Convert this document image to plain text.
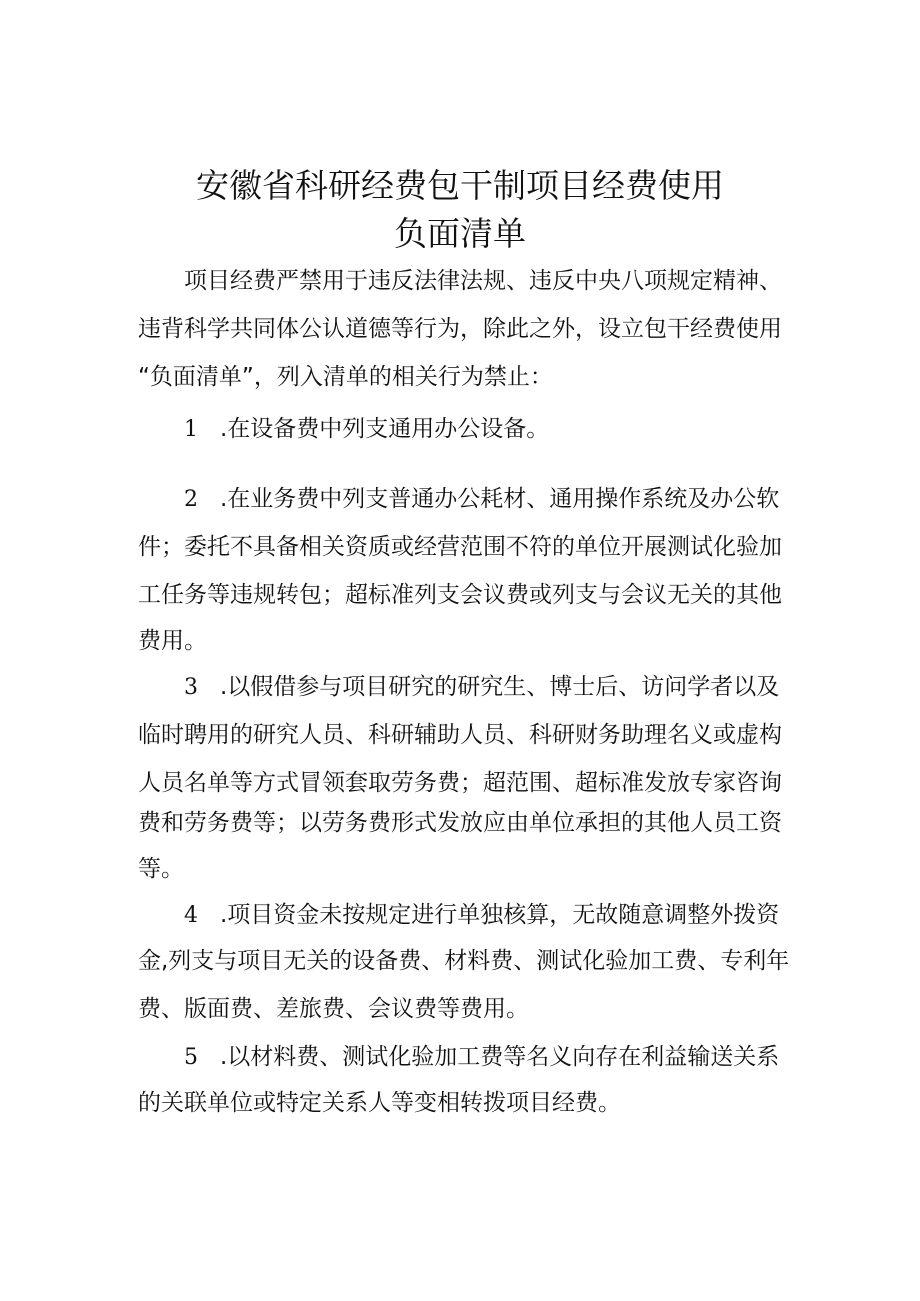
安徽省科研经费包干制项目经费使用
负面清单
项目经费严禁用于违反法律法规、违反中央八项规定精神、
违背科学共同体公认道德等行为，除此之外，设立包干经费使用
“负面清单”，列入清单的相关行为禁止：
1 .在设备费中列支通用办公设备。
2 .在业务费中列支普通办公耗材、通用操作系统及办公软
件；委托不具备相关资质或经营范围不符的单位开展测试化验加
工任务等违规转包；超标准列支会议费或列支与会议无关的其他
费用。
3 .以假借参与项目研究的研究生、博士后、访问学者以及
临时聘用的研究人员、科研辅助人员、科研财务助理名义或虚构
人员名单等方式冒领套取劳务费；超范围、超标准发放专家咨询
费和劳务费等；以劳务费形式发放应由单位承担的其他人员工资
等。
4 .项目资金未按规定进行单独核算，无故随意调整外拨资
金,列支与项目无关的设备费、材料费、测试化验加工费、专利年
费、版面费、差旅费、会议费等费用。
5 .以材料费、测试化验加工费等名义向存在利益输送关系
的关联单位或特定关系人等变相转拨项目经费。
